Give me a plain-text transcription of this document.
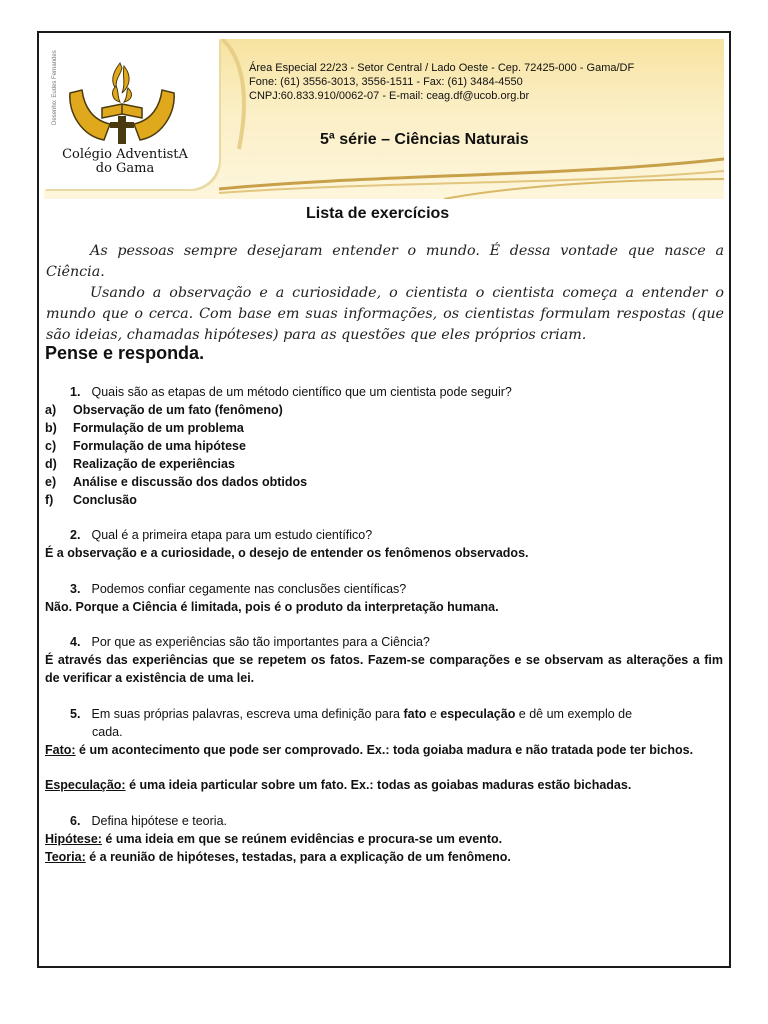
Desenho: Eudes Fernandes
Colégio AdventistA
do Gama
Área Especial 22/23 - Setor Central / Lado Oeste - Cep. 72425-000 - Gama/DF
Fone: (61) 3556-3013, 3556-1511 - Fax: (61) 3484-4550
CNPJ:60.833.910/0062-07 - E-mail: ceag.df@ucob.org.br
5ª série – Ciências Naturais
Lista de exercícios

As pessoas sempre desejaram entender o mundo. É dessa vontade que nasce a Ciência.

Usando a observação e a curiosidade, o cientista o cientista começa a entender o mundo que o cerca. Com base em suas informações, os cientistas formulam respostas (que são ideias, chamadas hipóteses) para as questões que eles próprios criam.

Pense e responda.
1. Quais são as etapas de um método científico que um cientista pode seguir?
a) Observação de um fato (fenômeno)
b) Formulação de um problema
c) Formulação de uma hipótese
d) Realização de experiências
e) Análise e discussão dos dados obtidos
f) Conclusão
2. Qual é a primeira etapa para um estudo científico?
É a observação e a curiosidade, o desejo de entender os fenômenos observados.
3. Podemos confiar cegamente nas conclusões científicas?
Não. Porque a Ciência é limitada, pois é o produto da interpretação humana.
4. Por que as experiências são tão importantes para a Ciência?
É através das experiências que se repetem os fatos. Fazem-se comparações e se observam as alterações a fim de verificar a existência de uma lei.
5. Em suas próprias palavras, escreva uma definição para fato e especulação e dê um exemplo de
cada.
Fato: é um acontecimento que pode ser comprovado. Ex.: toda goiaba madura e não tratada pode ter bichos.
Especulação: é uma ideia particular sobre um fato. Ex.: todas as goiabas maduras estão bichadas.
6. Defina hipótese e teoria.
Hipótese: é uma ideia em que se reúnem evidências e procura-se um evento.
Teoria: é a reunião de hipóteses, testadas, para a explicação de um fenômeno.
